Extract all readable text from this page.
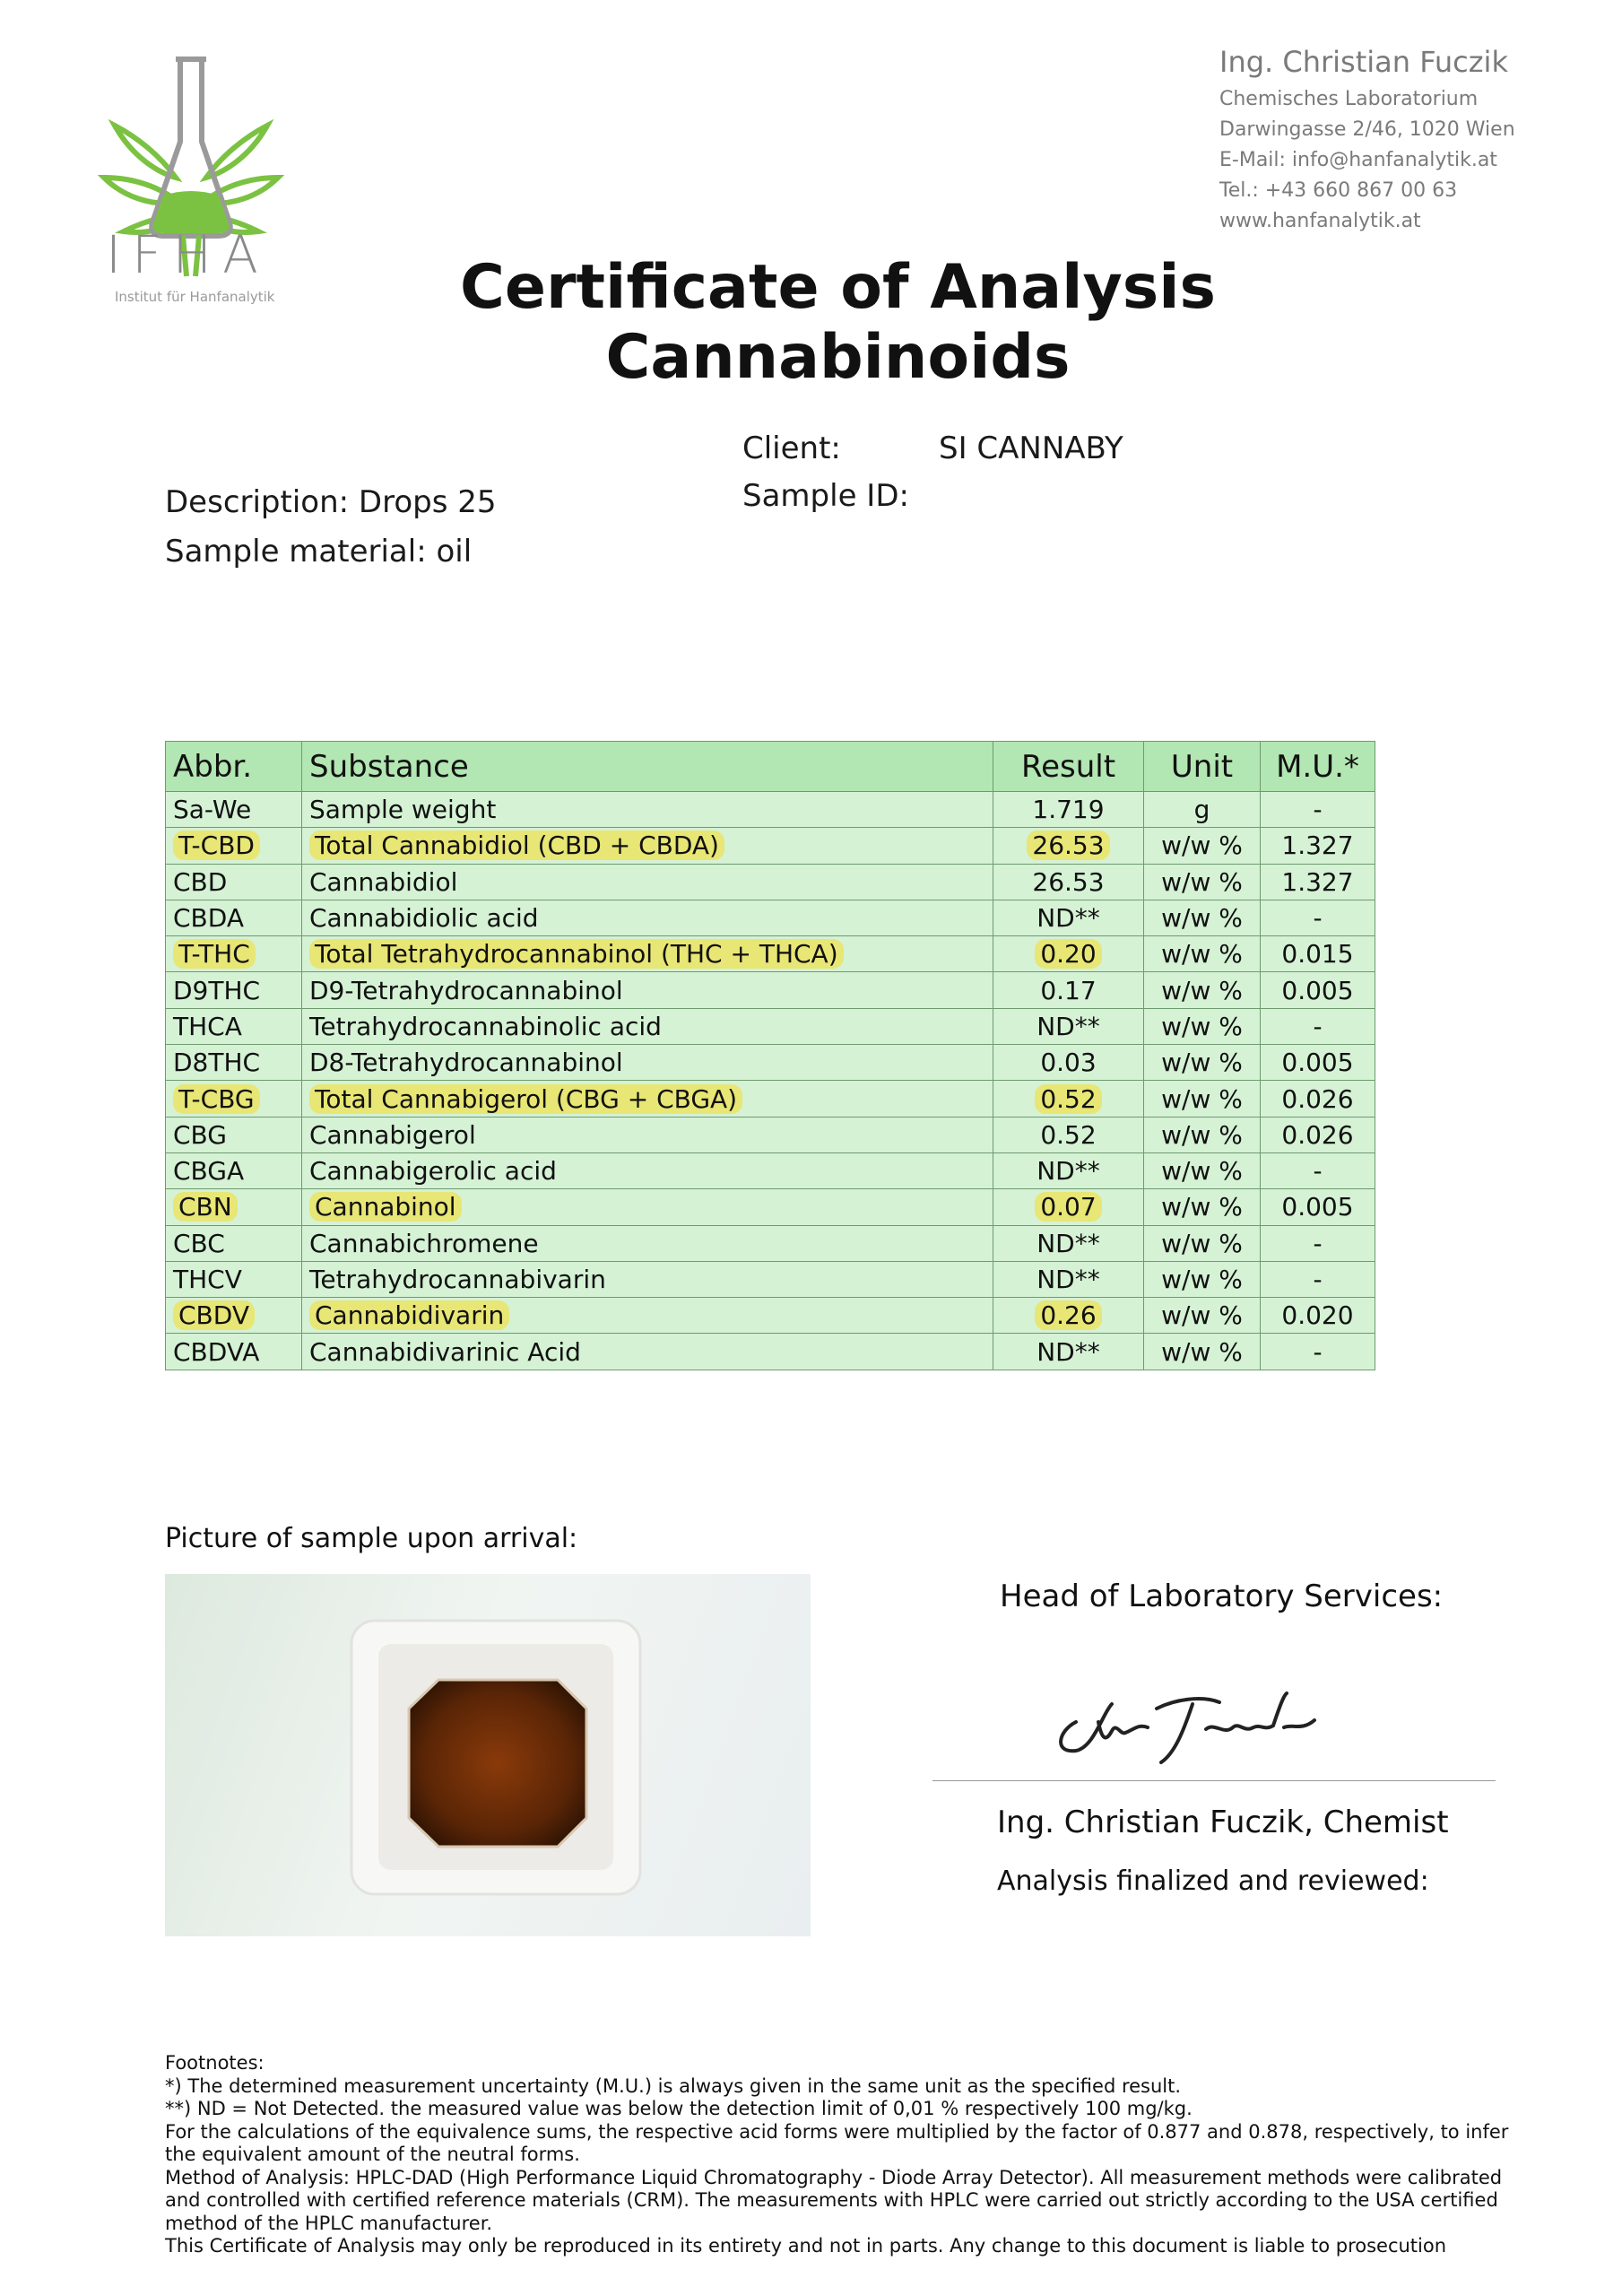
IFHA
Institut für Hanfanalytik
Ing. Christian Fuczik
Chemisches Laboratorium
Darwingasse 2/46, 1020 Wien
E-Mail: info@hanfanalytik.at
Tel.: +43 660 867 00 63
www.hanfanalytik.at
Certificate of Analysis
Cannabinoids
Client:	SI CANNABY
Sample ID:
Description: Drops 25
Sample material: oil
Abbr.	Substance	Result	Unit	M.U.*
Sa-We	Sample weight	1.719	g	-
T-CBD	Total Cannabidiol (CBD + CBDA)	26.53	w/w %	1.327
CBD	Cannabidiol	26.53	w/w %	1.327
CBDA	Cannabidiolic acid	ND**	w/w %	-
T-THC	Total Tetrahydrocannabinol (THC + THCA)	0.20	w/w %	0.015
D9THC	D9-Tetrahydrocannabinol	0.17	w/w %	0.005
THCA	Tetrahydrocannabinolic acid	ND**	w/w %	-
D8THC	D8-Tetrahydrocannabinol	0.03	w/w %	0.005
T-CBG	Total Cannabigerol (CBG + CBGA)	0.52	w/w %	0.026
CBG	Cannabigerol	0.52	w/w %	0.026
CBGA	Cannabigerolic acid	ND**	w/w %	-
CBN	Cannabinol	0.07	w/w %	0.005
CBC	Cannabichromene	ND**	w/w %	-
THCV	Tetrahydrocannabivarin	ND**	w/w %	-
CBDV	Cannabidivarin	0.26	w/w %	0.020
CBDVA	Cannabidivarinic Acid	ND**	w/w %	-
Picture of sample upon arrival:
Head of Laboratory Services:
Ing. Christian Fuczik, Chemist
Analysis finalized and reviewed:

Footnotes:

*) The determined measurement uncertainty (M.U.) is always given in the same unit as the specified result.

**) ND = Not Detected. the measured value was below the detection limit of 0,01 % respectively 100 mg/kg.

For the calculations of the equivalence sums, the respective acid forms were multiplied by the factor of 0.877 and 0.878, respectively, to infer the equivalent amount of the neutral forms.

Method of Analysis: HPLC-DAD (High Performance Liquid Chromatography - Diode Array Detector). All measurement methods were calibrated and controlled with certified reference materials (CRM). The measurements with HPLC were carried out strictly according to the USA certified method of the HPLC manufacturer.

This Certificate of Analysis may only be reproduced in its entirety and not in parts. Any change to this document is liable to prosecution
